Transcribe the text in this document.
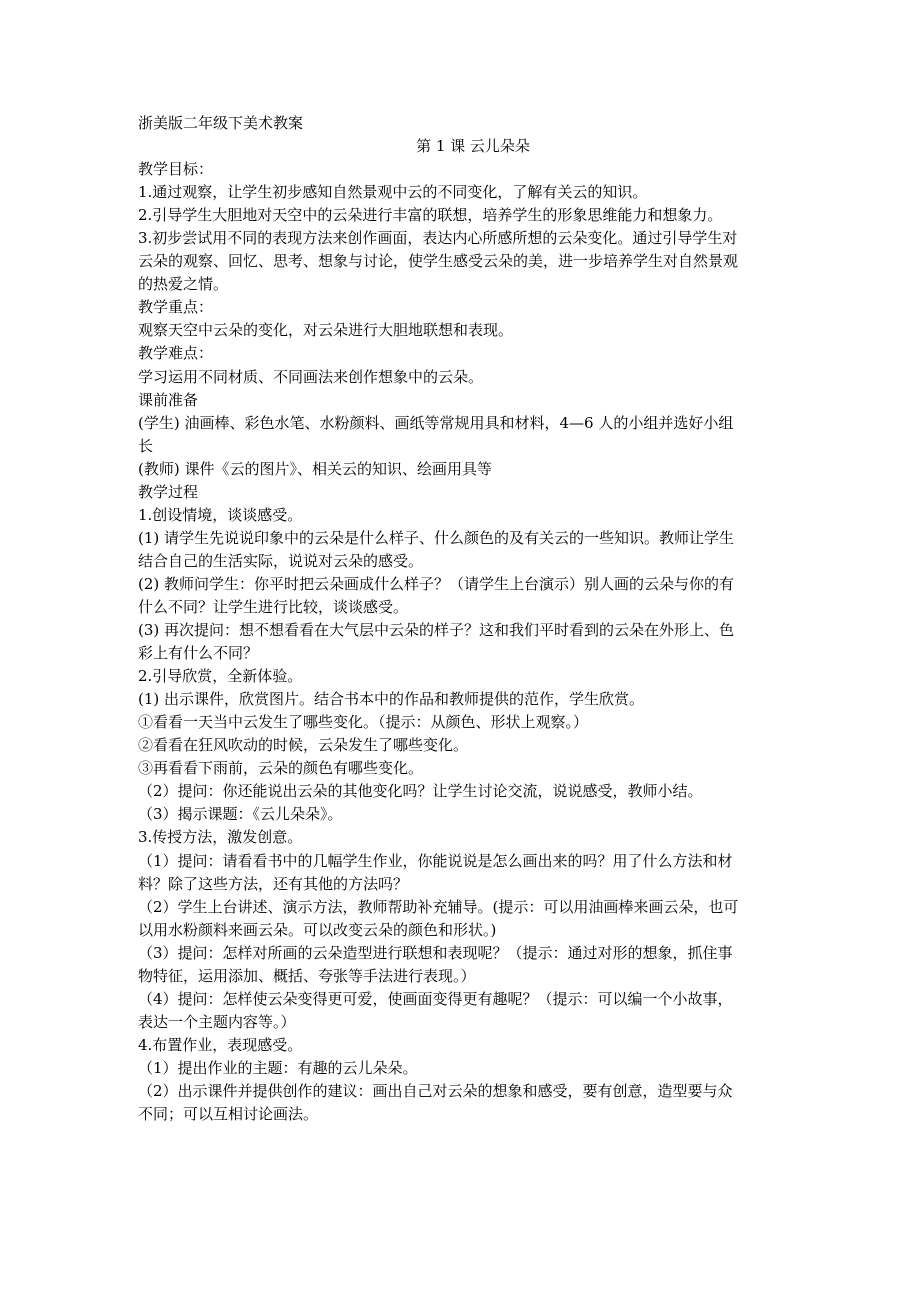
浙美版二年级下美术教案

第 1 课 云儿朵朵

教学目标：

1.通过观察，让学生初步感知自然景观中云的不同变化，了解有关云的知识。

2.引导学生大胆地对天空中的云朵进行丰富的联想，培养学生的形象思维能力和想象力。

3.初步尝试用不同的表现方法来创作画面，表达内心所感所想的云朵变化。通过引导学生对

云朵的观察、回忆、思考、想象与讨论，使学生感受云朵的美，进一步培养学生对自然景观

的热爱之情。

教学重点：

观察天空中云朵的变化，对云朵进行大胆地联想和表现。

教学难点：

学习运用不同材质、不同画法来创作想象中的云朵。

课前准备

(学生) 油画棒、彩色水笔、水粉颜料、画纸等常规用具和材料，4—6 人的小组并选好小组

长

(教师) 课件《云的图片》、相关云的知识、绘画用具等

教学过程

1.创设情境，谈谈感受。

(1) 请学生先说说印象中的云朵是什么样子、什么颜色的及有关云的一些知识。教师让学生

结合自己的生活实际，说说对云朵的感受。

(2) 教师问学生：你平时把云朵画成什么样子？（请学生上台演示）别人画的云朵与你的有

什么不同？让学生进行比较，谈谈感受。

(3) 再次提问：想不想看看在大气层中云朵的样子？这和我们平时看到的云朵在外形上、色

彩上有什么不同？

2.引导欣赏，全新体验。

(1) 出示课件，欣赏图片。结合书本中的作品和教师提供的范作，学生欣赏。

①看看一天当中云发生了哪些变化。（提示：从颜色、形状上观察。）

②看看在狂风吹动的时候，云朵发生了哪些变化。

③再看看下雨前，云朵的颜色有哪些变化。

（2）提问：你还能说出云朵的其他变化吗？让学生讨论交流，说说感受，教师小结。

（3）揭示课题：《云儿朵朵》。

3.传授方法，激发创意。

（1）提问：请看看书中的几幅学生作业，你能说说是怎么画出来的吗？用了什么方法和材

料？除了这些方法，还有其他的方法吗？

（2）学生上台讲述、演示方法，教师帮助补充辅导。(提示：可以用油画棒来画云朵，也可

以用水粉颜料来画云朵。可以改变云朵的颜色和形状。)

（3）提问：怎样对所画的云朵造型进行联想和表现呢？（提示：通过对形的想象，抓住事

物特征，运用添加、概括、夸张等手法进行表现。）

（4）提问：怎样使云朵变得更可爱，使画面变得更有趣呢？（提示：可以编一个小故事，

表达一个主题内容等。）

4.布置作业，表现感受。

（1）提出作业的主题：有趣的云儿朵朵。

（2）出示课件并提供创作的建议：画出自己对云朵的想象和感受，要有创意，造型要与众

不同；可以互相讨论画法。
